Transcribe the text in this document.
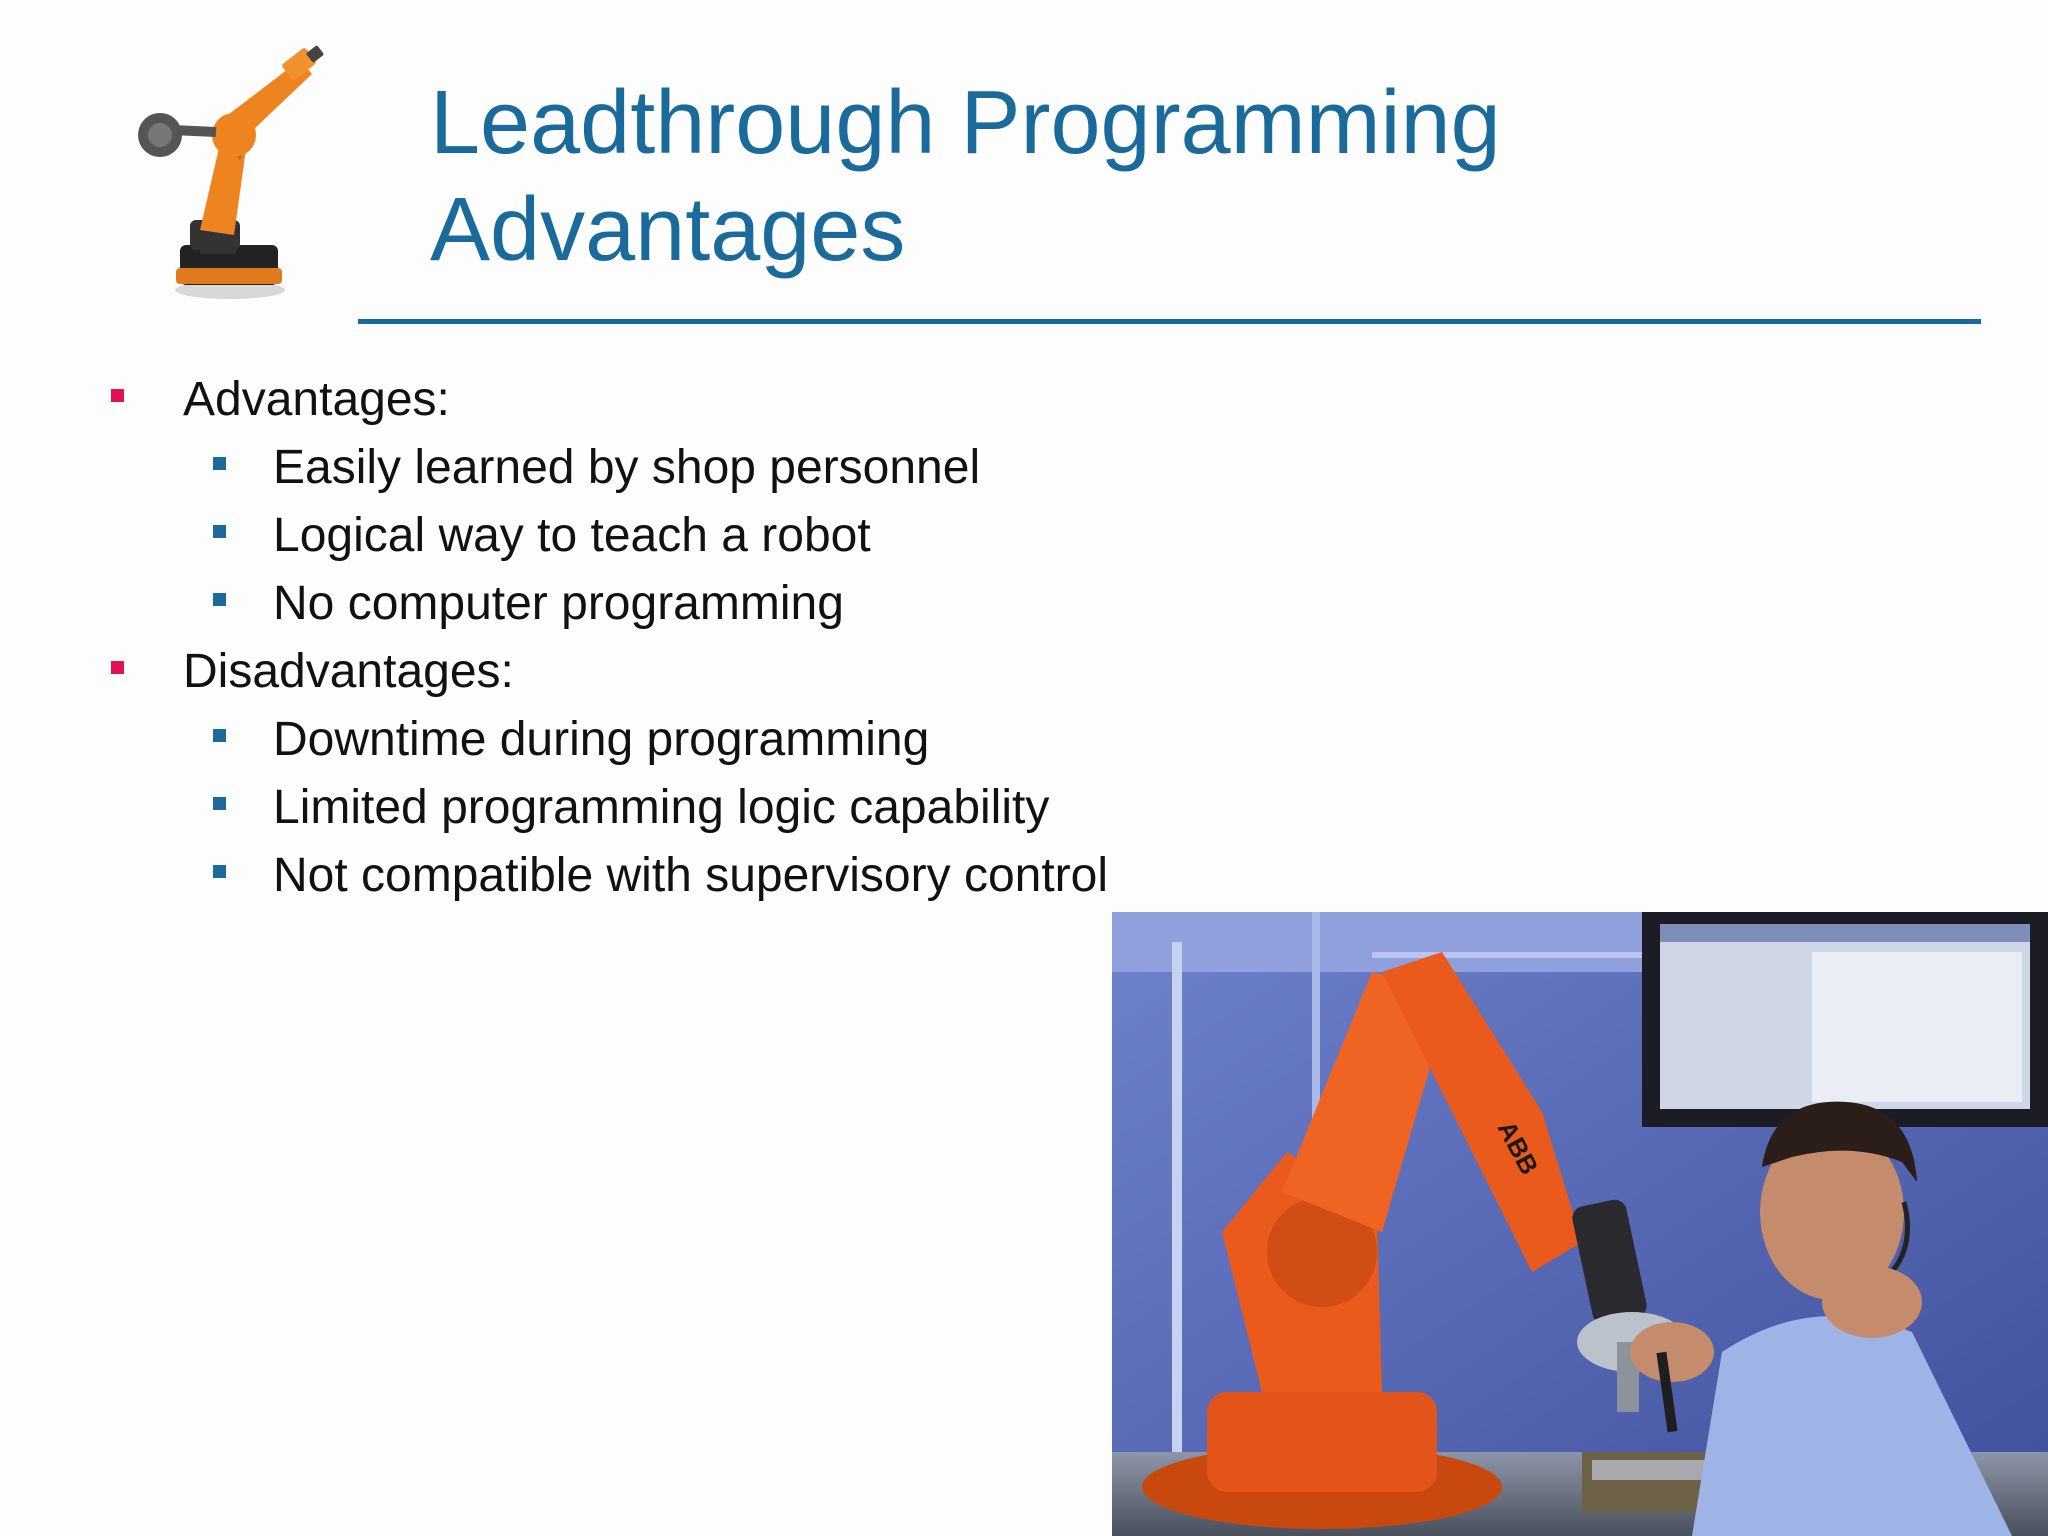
Leadthrough Programming
Advantages
Advantages:
Easily learned by shop personnel
Logical way to teach a robot
No computer programming
Disadvantages:
Downtime during programming
Limited programming logic capability
Not compatible with supervisory control
ABB
